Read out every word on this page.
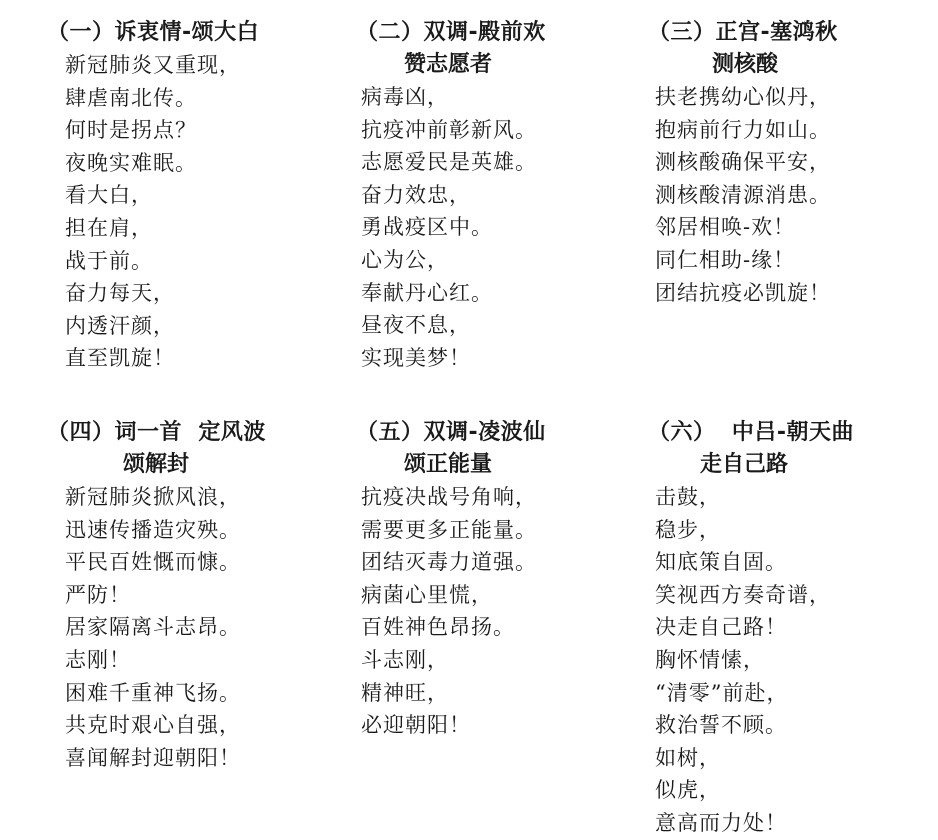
（一）诉衷情-颂大白
新冠肺炎又重现，
肆虐南北传。
何时是拐点？
夜晚实难眠。
看大白，
担在肩，
战于前。
奋力每天，
内透汗颜，
直至凯旋！
（二）双调-殿前欢
赞志愿者
病毒凶，
抗疫冲前彰新风。
志愿爱民是英雄。
奋力效忠，
勇战疫区中。
心为公，
奉献丹心红。
昼夜不息，
实现美梦！
（三）正宫-塞鸿秋
测核酸
扶老携幼心似丹，
抱病前行力如山。
测核酸确保平安，
测核酸清源消患。
邻居相唤-欢！
同仁相助-缘！
团结抗疫必凯旋！
（四）词一首  定风波
颂解封
新冠肺炎掀风浪，
迅速传播造灾殃。
平民百姓慨而慷。
严防！
居家隔离斗志昂。
志刚！
困难千重神飞扬。
共克时艰心自强，
喜闻解封迎朝阳！
（五）双调-凌波仙
颂正能量
抗疫决战号角响，
需要更多正能量。
团结灭毒力道强。
病菌心里慌，
百姓神色昂扬。
斗志刚，
精神旺，
必迎朝阳！
（六）  中吕-朝天曲
走自己路
击鼓，
稳步，
知底策自固。
笑视西方奏奇谱，
决走自己路！
胸怀情愫，
“清零”前赴，
救治誓不顾。
如树，
似虎，
意高而力处！
